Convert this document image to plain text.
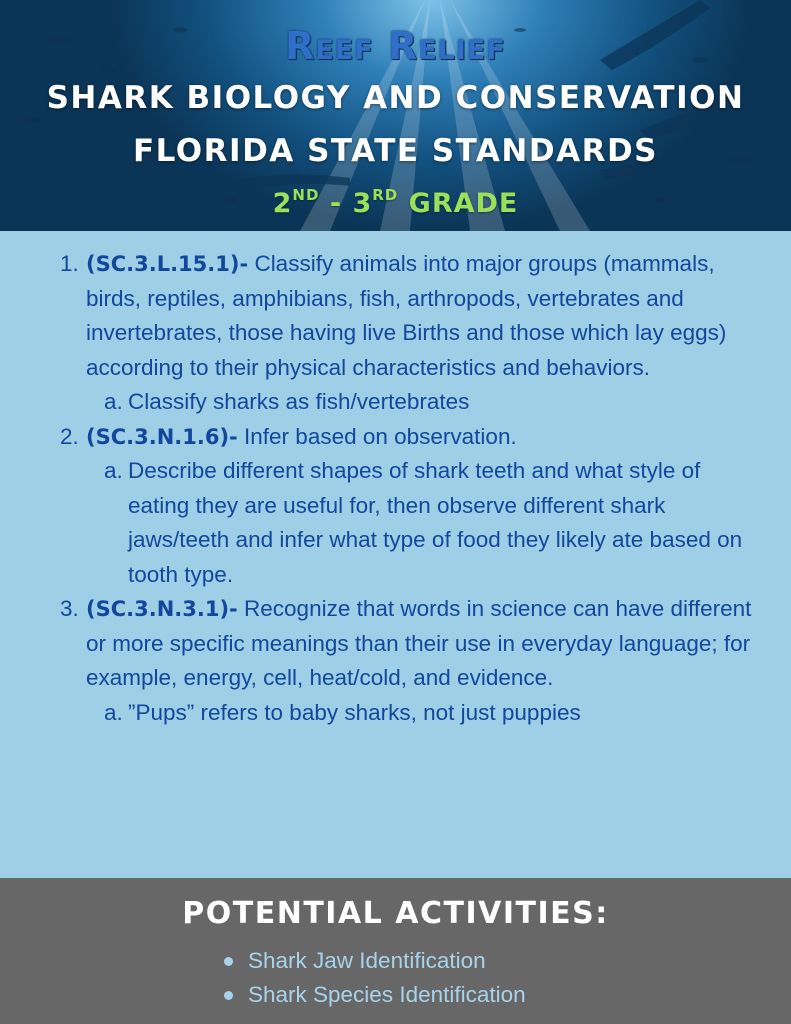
Reef Relief
SHARK BIOLOGY AND CONSERVATION
FLORIDA STATE STANDARDS
2ND - 3RD GRADE
1. (SC.3.L.15.1)- Classify animals into major groups (mammals, birds, reptiles, amphibians, fish, arthropods, vertebrates and invertebrates, those having live Births and those which lay eggs) according to their physical characteristics and behaviors.
a. Classify sharks as fish/vertebrates
2. (SC.3.N.1.6)- Infer based on observation.
a. Describe different shapes of shark teeth and what style of eating they are useful for, then observe different shark jaws/teeth and infer what type of food they likely ate based on tooth type.
3. (SC.3.N.3.1)- Recognize that words in science can have different or more specific meanings than their use in everyday language; for example, energy, cell, heat/cold, and evidence.
a. ”Pups” refers to baby sharks, not just puppies
POTENTIAL ACTIVITIES:
Shark Jaw Identification
Shark Species Identification
